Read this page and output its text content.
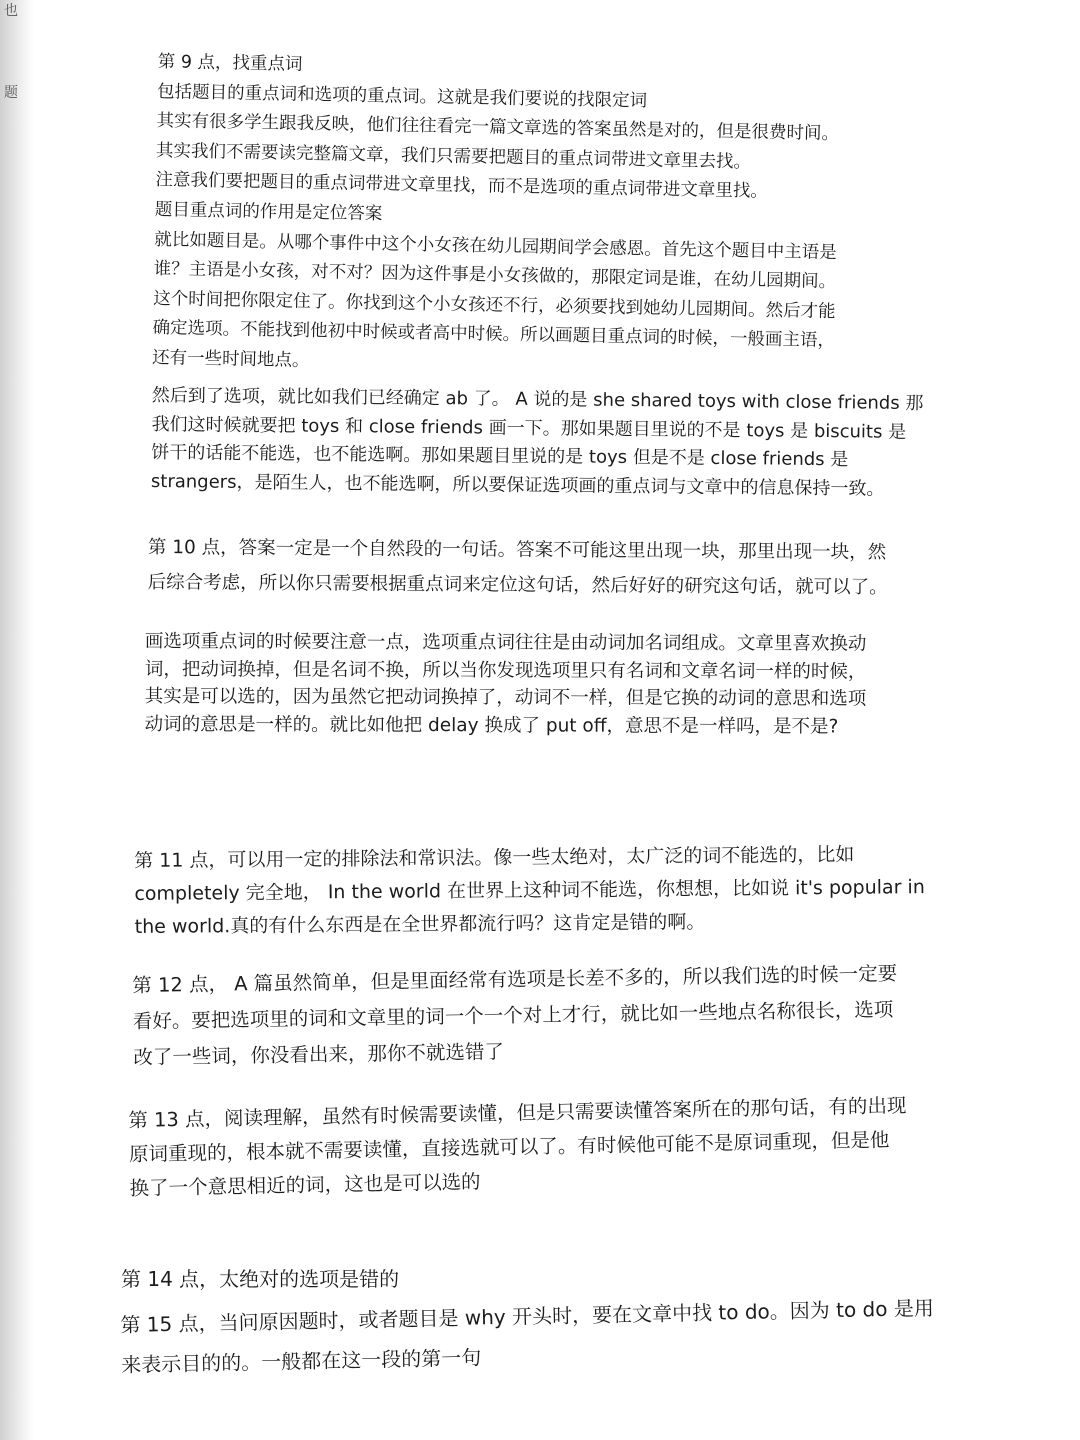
也
题
第 9 点，找重点词
包括题目的重点词和选项的重点词。这就是我们要说的找限定词
其实有很多学生跟我反映，他们往往看完一篇文章选的答案虽然是对的，但是很费时间。
其实我们不需要读完整篇文章，我们只需要把题目的重点词带进文章里去找。
注意我们要把题目的重点词带进文章里找，而不是选项的重点词带进文章里找。
题目重点词的作用是定位答案
就比如题目是。从哪个事件中这个小女孩在幼儿园期间学会感恩。首先这个题目中主语是
谁？主语是小女孩，对不对？因为这件事是小女孩做的，那限定词是谁，在幼儿园期间。
这个时间把你限定住了。你找到这个小女孩还不行，必须要找到她幼儿园期间。然后才能
确定选项。不能找到他初中时候或者高中时候。所以画题目重点词的时候，一般画主语，
还有一些时间地点。
然后到了选项，就比如我们已经确定 ab 了。 A 说的是 she shared toys with close friends 那
我们这时候就要把 toys 和 close friends 画一下。那如果题目里说的不是 toys 是 biscuits 是
饼干的话能不能选，也不能选啊。那如果题目里说的是 toys 但是不是 close friends 是
strangers，是陌生人，也不能选啊，所以要保证选项画的重点词与文章中的信息保持一致。
第 10 点，答案一定是一个自然段的一句话。答案不可能这里出现一块，那里出现一块，然
后综合考虑，所以你只需要根据重点词来定位这句话，然后好好的研究这句话，就可以了。
画选项重点词的时候要注意一点，选项重点词往往是由动词加名词组成。文章里喜欢换动
词，把动词换掉，但是名词不换，所以当你发现选项里只有名词和文章名词一样的时候，
其实是可以选的，因为虽然它把动词换掉了，动词不一样，但是它换的动词的意思和选项
动词的意思是一样的。就比如他把 delay 换成了 put off，意思不是一样吗，是不是?
第 11 点，可以用一定的排除法和常识法。像一些太绝对，太广泛的词不能选的，比如
completely 完全地， In the world 在世界上这种词不能选，你想想，比如说 it's popular in
the world.真的有什么东西是在全世界都流行吗？这肯定是错的啊。
第 12 点， A 篇虽然简单，但是里面经常有选项是长差不多的，所以我们选的时候一定要
看好。要把选项里的词和文章里的词一个一个对上才行，就比如一些地点名称很长，选项
改了一些词，你没看出来，那你不就选错了
第 13 点，阅读理解，虽然有时候需要读懂，但是只需要读懂答案所在的那句话，有的出现
原词重现的，根本就不需要读懂，直接选就可以了。有时候他可能不是原词重现，但是他
换了一个意思相近的词，这也是可以选的
第 14 点，太绝对的选项是错的
第 15 点，当问原因题时，或者题目是 why 开头时，要在文章中找 to do。因为 to do 是用
来表示目的的。一般都在这一段的第一句
